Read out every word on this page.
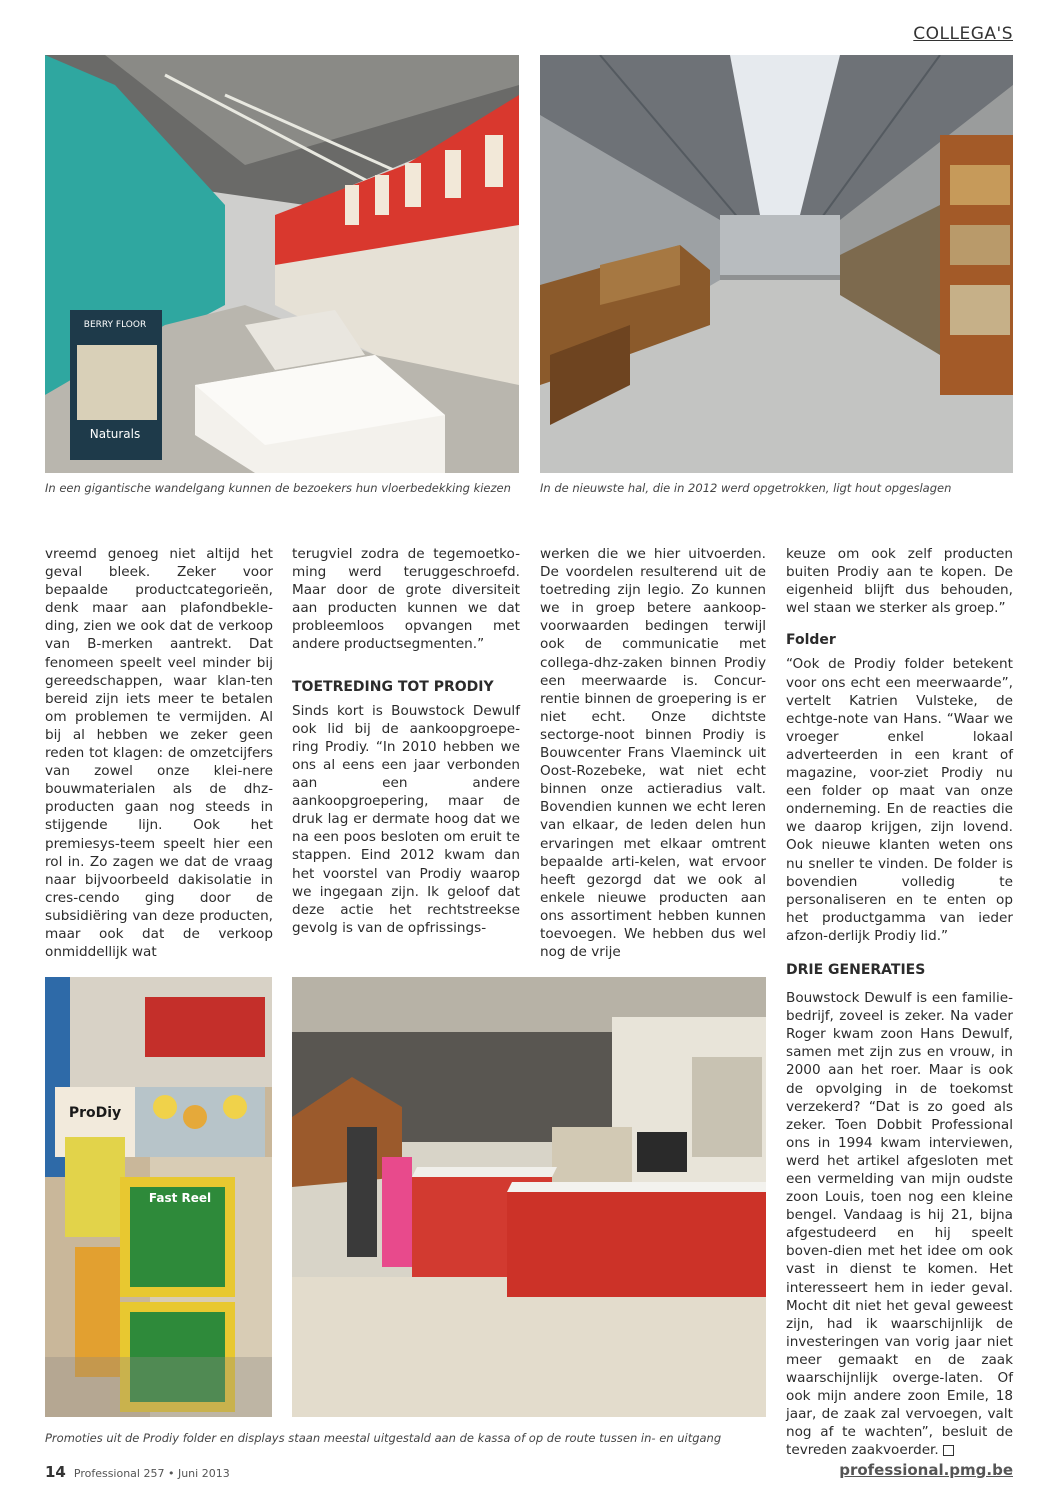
COLLEGA'S
BERRY FLOOR
Naturals
In een gigantische wandelgang kunnen de bezoekers hun vloerbedekking kiezen	In de nieuwste hal, die in 2012 werd opgetrokken, ligt hout opgeslagen

vreemd genoeg niet altijd het geval bleek. Zeker voor bepaalde productcategorieën, denk maar aan plafondbekle-ding, zien we ook dat de verkoop van B-merken aantrekt. Dat fenomeen speelt veel minder bij gereedschappen, waar klan-ten bereid zijn iets meer te betalen om problemen te vermijden. Al bij al hebben we zeker geen reden tot klagen: de omzetcijfers van zowel onze klei-nere bouwmaterialen als de dhz-producten gaan nog steeds in stijgende lijn. Ook het premiesys-teem speelt hier een rol in. Zo zagen we dat de vraag naar bijvoorbeeld dakisolatie in cres-cendo ging door de subsidiëring van deze producten, maar ook dat de verkoop onmiddellijk wat

terugviel zodra de tegemoetko-ming werd teruggeschroefd. Maar door de grote diversiteit aan producten kunnen we dat probleemloos opvangen met andere productsegmenten.”

TOETREDING TOT PRODIY

Sinds kort is Bouwstock Dewulf ook lid bij de aankoopgroepe-ring Prodiy. “In 2010 hebben we ons al eens een jaar verbonden aan een andere aankoopgroepering, maar de druk lag er dermate hoog dat we na een poos besloten om eruit te stappen. Eind 2012 kwam dan het voorstel van Prodiy waarop we ingegaan zijn. Ik geloof dat deze actie het rechtstreekse gevolg is van de opfrissings-

werken die we hier uitvoerden. De voordelen resulterend uit de toetreding zijn legio. Zo kunnen we in groep betere aankoop-voorwaarden bedingen terwijl ook de communicatie met collega-dhz-zaken binnen Prodiy een meerwaarde is. Concur-rentie binnen de groepering is er niet echt. Onze dichtste sectorge-noot binnen Prodiy is Bouwcenter Frans Vlaeminck uit Oost-Rozebeke, wat niet echt binnen onze actieradius valt. Bovendien kunnen we echt leren van elkaar, de leden delen hun ervaringen met elkaar omtrent bepaalde arti-kelen, wat ervoor heeft gezorgd dat we ook al enkele nieuwe producten aan ons assortiment hebben kunnen toevoegen. We hebben dus wel nog de vrije

keuze om ook zelf producten buiten Prodiy aan te kopen. De eigenheid blijft dus behouden, wel staan we sterker als groep.”

Folder

“Ook de Prodiy folder betekent voor ons echt een meerwaarde”, vertelt Katrien Vulsteke, de echtge-note van Hans. “Waar we vroeger enkel lokaal adverteerden in een krant of magazine, voor-ziet Prodiy nu een folder op maat van onze onderneming. En de reacties die we daarop krijgen, zijn lovend. Ook nieuwe klanten weten ons nu sneller te vinden. De folder is bovendien volledig te personaliseren en te enten op het productgamma van ieder afzon-derlijk Prodiy lid.”

DRIE GENERATIES

Bouwstock Dewulf is een familie-bedrijf, zoveel is zeker. Na vader Roger kwam zoon Hans Dewulf, samen met zijn zus en vrouw, in 2000 aan het roer. Maar is ook de opvolging in de toekomst verzekerd? “Dat is zo goed als zeker. Toen Dobbit Professional ons in 1994 kwam interviewen, werd het artikel afgesloten met een vermelding van mijn oudste zoon Louis, toen nog een kleine bengel. Vandaag is hij 21, bijna afgestudeerd en hij speelt boven-dien met het idee om ook vast in dienst te komen. Het interesseert hem in ieder geval. Mocht dit niet het geval geweest zijn, had ik waarschijnlijk de investeringen van vorig jaar niet meer gemaakt en de zaak waarschijnlijk overge-laten. Of ook mijn andere zoon Emile, 18 jaar, de zaak zal vervoegen, valt nog af te wachten”, besluit de tevreden zaakvoerder.

ProDiy
Fast Reel
Promoties uit de Prodiy folder en displays staan meestal uitgestald aan de kassa of op de route tussen in- en uitgang
14 Professional 257 • Juni 2013	professional.pmg.be
